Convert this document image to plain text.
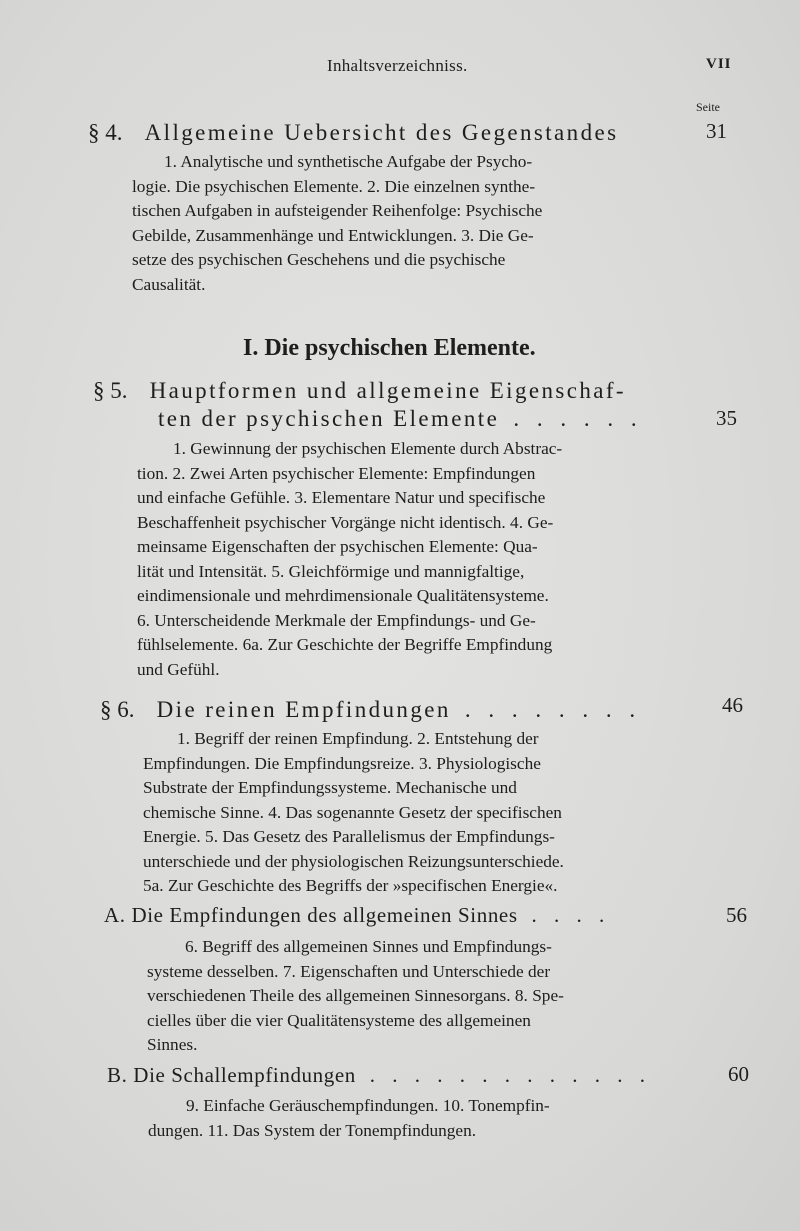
Inhaltsverzeichniss.	VII
Seite
§ 4. Allgemeine Uebersicht des Gegenstandes	31
1. Analytische und synthetische Aufgabe der Psycho-
logie. Die psychischen Elemente. 2. Die einzelnen synthe-
tischen Aufgaben in aufsteigender Reihenfolge: Psychische
Gebilde, Zusammenhänge und Entwicklungen. 3. Die Ge-
setze des psychischen Geschehens und die psychische
Causalität.
I. Die psychischen Elemente.
§ 5. Hauptformen und allgemeine Eigenschaf-
ten der psychischen Elemente . . . . . .	35
1. Gewinnung der psychischen Elemente durch Abstrac-
tion. 2. Zwei Arten psychischer Elemente: Empfindungen
und einfache Gefühle. 3. Elementare Natur und specifische
Beschaffenheit psychischer Vorgänge nicht identisch. 4. Ge-
meinsame Eigenschaften der psychischen Elemente: Qua-
lität und Intensität. 5. Gleichförmige und mannigfaltige,
eindimensionale und mehrdimensionale Qualitätensysteme.
6. Unterscheidende Merkmale der Empfindungs- und Ge-
fühlselemente. 6a. Zur Geschichte der Begriffe Empfindung
und Gefühl.
§ 6. Die reinen Empfindungen . . . . . . . .	46
1. Begriff der reinen Empfindung. 2. Entstehung der
Empfindungen. Die Empfindungsreize. 3. Physiologische
Substrate der Empfindungssysteme. Mechanische und
chemische Sinne. 4. Das sogenannte Gesetz der specifischen
Energie. 5. Das Gesetz des Parallelismus der Empfindungs-
unterschiede und der physiologischen Reizungsunterschiede.
5a. Zur Geschichte des Begriffs der »specifischen Energie«.
A. Die Empfindungen des allgemeinen Sinnes . . . .	56
6. Begriff des allgemeinen Sinnes und Empfindungs-
systeme desselben. 7. Eigenschaften und Unterschiede der
verschiedenen Theile des allgemeinen Sinnesorgans. 8. Spe-
cielles über die vier Qualitätensysteme des allgemeinen
Sinnes.
B. Die Schallempfindungen . . . . . . . . . . . . .	60
9. Einfache Geräuschempfindungen. 10. Tonempfin-
dungen. 11. Das System der Tonempfindungen.
